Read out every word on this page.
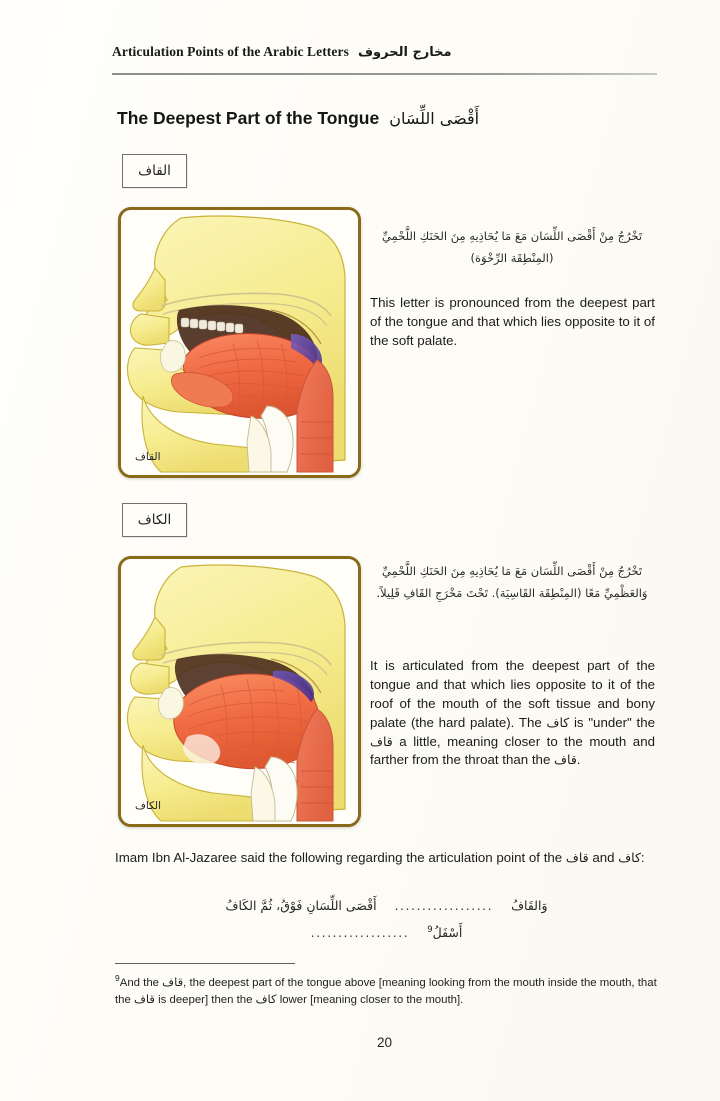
Articulation Points of the Arabic Letters مخارج الحروف
The Deepest Part of the Tongue أَقْصَى اللِّسَان
القاف
القاف
تَخْرُجُ مِنْ أَقْصَى اللِّسَان مَعَ مَا يُحَاذِيهِ مِنَ الحَنَكِ اللَّحْمِيِّ (المِنْطِقَة الرِّخْوَة)
This letter is pronounced from the deepest part of the tongue and that which lies opposite to it of the soft palate.
الكاف
الكاف
تَخْرُجُ مِنْ أَقْصَى اللِّسَان مَعَ مَا يُحَاذِيهِ مِنَ الحَنَكِ اللَّحْمِيِّ وَالعَظْمِيِّ مَعًا (المِنْطِقَة القَاسِيَة). تَحْتَ مَخْرَجِ القَافِ قَلِيلاً.
It is articulated from the deepest part of the tongue and that which lies opposite to it of the roof of the mouth of the soft tissue and bony palate (the hard palate). The كاف is "under" the قاف a little, meaning closer to the mouth and farther from the throat than the قاف.
Imam Ibn Al-Jazaree said the following regarding the articulation point of the قاف and كاف:
وَالقَافُ
..................
أَقْصَى اللِّسَانِ فَوْقُ، ثُمَّ الكَافُ
أَسْفَلُ$^9$
..................
$^9$And the قاف, the deepest part of the tongue above [meaning looking from the mouth inside the mouth, that the قاف is deeper] then the كاف lower [meaning closer to the mouth].
20
